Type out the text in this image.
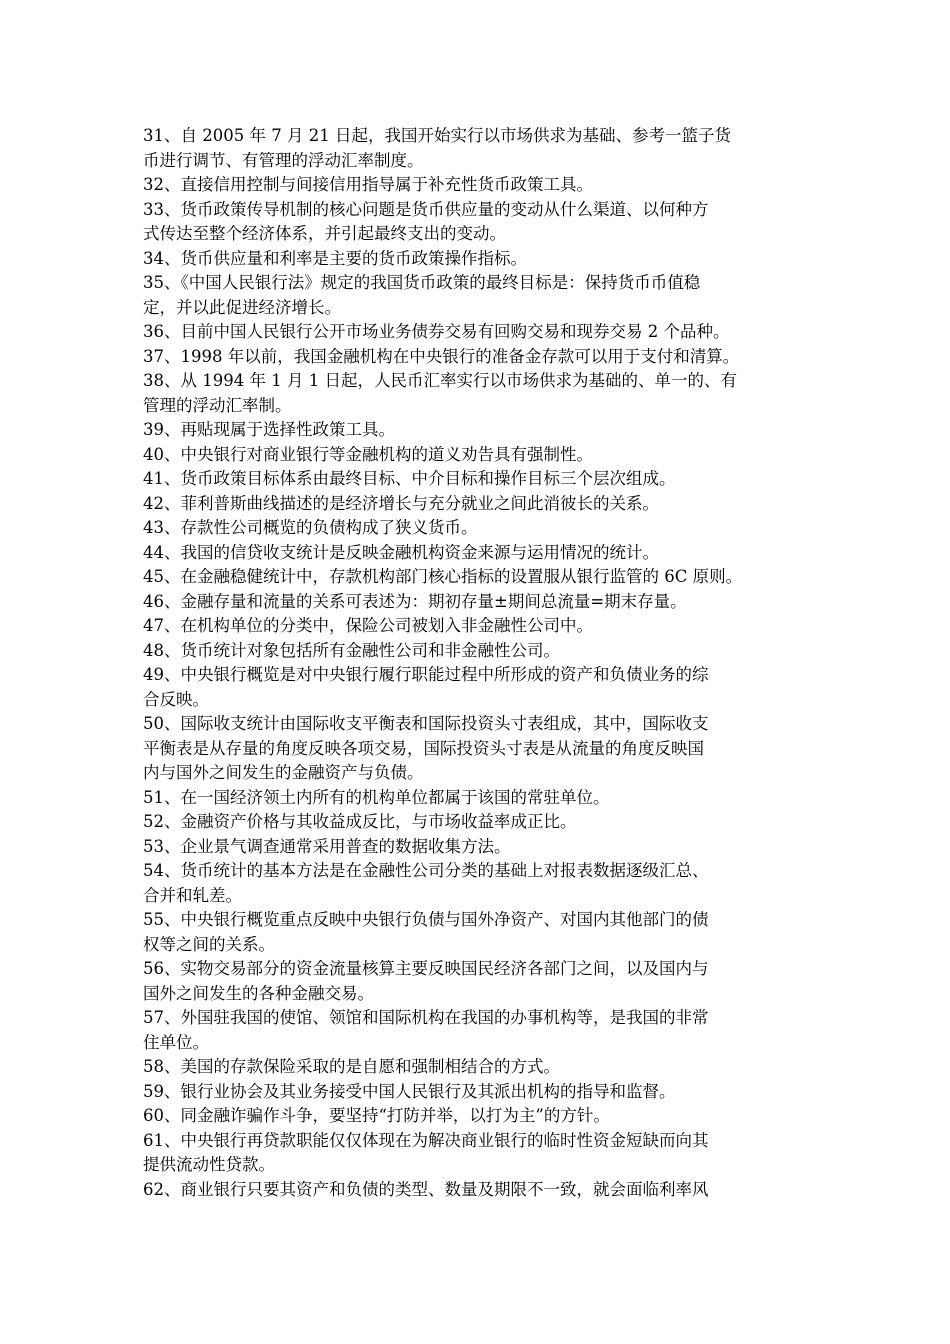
31、自 2005 年 7 月 21 日起，我国开始实行以市场供求为基础、参考一篮子货
币进行调节、有管理的浮动汇率制度。
32、直接信用控制与间接信用指导属于补充性货币政策工具。
33、货币政策传导机制的核心问题是货币供应量的变动从什么渠道、以何种方
式传达至整个经济体系，并引起最终支出的变动。
34、货币供应量和利率是主要的货币政策操作指标。
35、《中国人民银行法》规定的我国货币政策的最终目标是：保持货币币值稳
定，并以此促进经济增长。
36、目前中国人民银行公开市场业务债券交易有回购交易和现券交易 2 个品种。
37、1998 年以前，我国金融机构在中央银行的准备金存款可以用于支付和清算。
38、从 1994 年 1 月 1 日起，人民币汇率实行以市场供求为基础的、单一的、有
管理的浮动汇率制。
39、再贴现属于选择性政策工具。
40、中央银行对商业银行等金融机构的道义劝告具有强制性。
41、货币政策目标体系由最终目标、中介目标和操作目标三个层次组成。
42、菲利普斯曲线描述的是经济增长与充分就业之间此消彼长的关系。
43、存款性公司概览的负债构成了狭义货币。
44、我国的信贷收支统计是反映金融机构资金来源与运用情况的统计。
45、在金融稳健统计中，存款机构部门核心指标的设置服从银行监管的 6C 原则。
46、金融存量和流量的关系可表述为：期初存量±期间总流量=期末存量。
47、在机构单位的分类中，保险公司被划入非金融性公司中。
48、货币统计对象包括所有金融性公司和非金融性公司。
49、中央银行概览是对中央银行履行职能过程中所形成的资产和负债业务的综
合反映。
50、国际收支统计由国际收支平衡表和国际投资头寸表组成，其中，国际收支
平衡表是从存量的角度反映各项交易，国际投资头寸表是从流量的角度反映国
内与国外之间发生的金融资产与负债。
51、在一国经济领土内所有的机构单位都属于该国的常驻单位。
52、金融资产价格与其收益成反比，与市场收益率成正比。
53、企业景气调查通常采用普查的数据收集方法。
54、货币统计的基本方法是在金融性公司分类的基础上对报表数据逐级汇总、
合并和轧差。
55、中央银行概览重点反映中央银行负债与国外净资产、对国内其他部门的债
权等之间的关系。
56、实物交易部分的资金流量核算主要反映国民经济各部门之间，以及国内与
国外之间发生的各种金融交易。
57、外国驻我国的使馆、领馆和国际机构在我国的办事机构等，是我国的非常
住单位。
58、美国的存款保险采取的是自愿和强制相结合的方式。
59、银行业协会及其业务接受中国人民银行及其派出机构的指导和监督。
60、同金融诈骗作斗争，要坚持“打防并举，以打为主”的方针。
61、中央银行再贷款职能仅仅体现在为解决商业银行的临时性资金短缺而向其
提供流动性贷款。
62、商业银行只要其资产和负债的类型、数量及期限不一致，就会面临利率风
